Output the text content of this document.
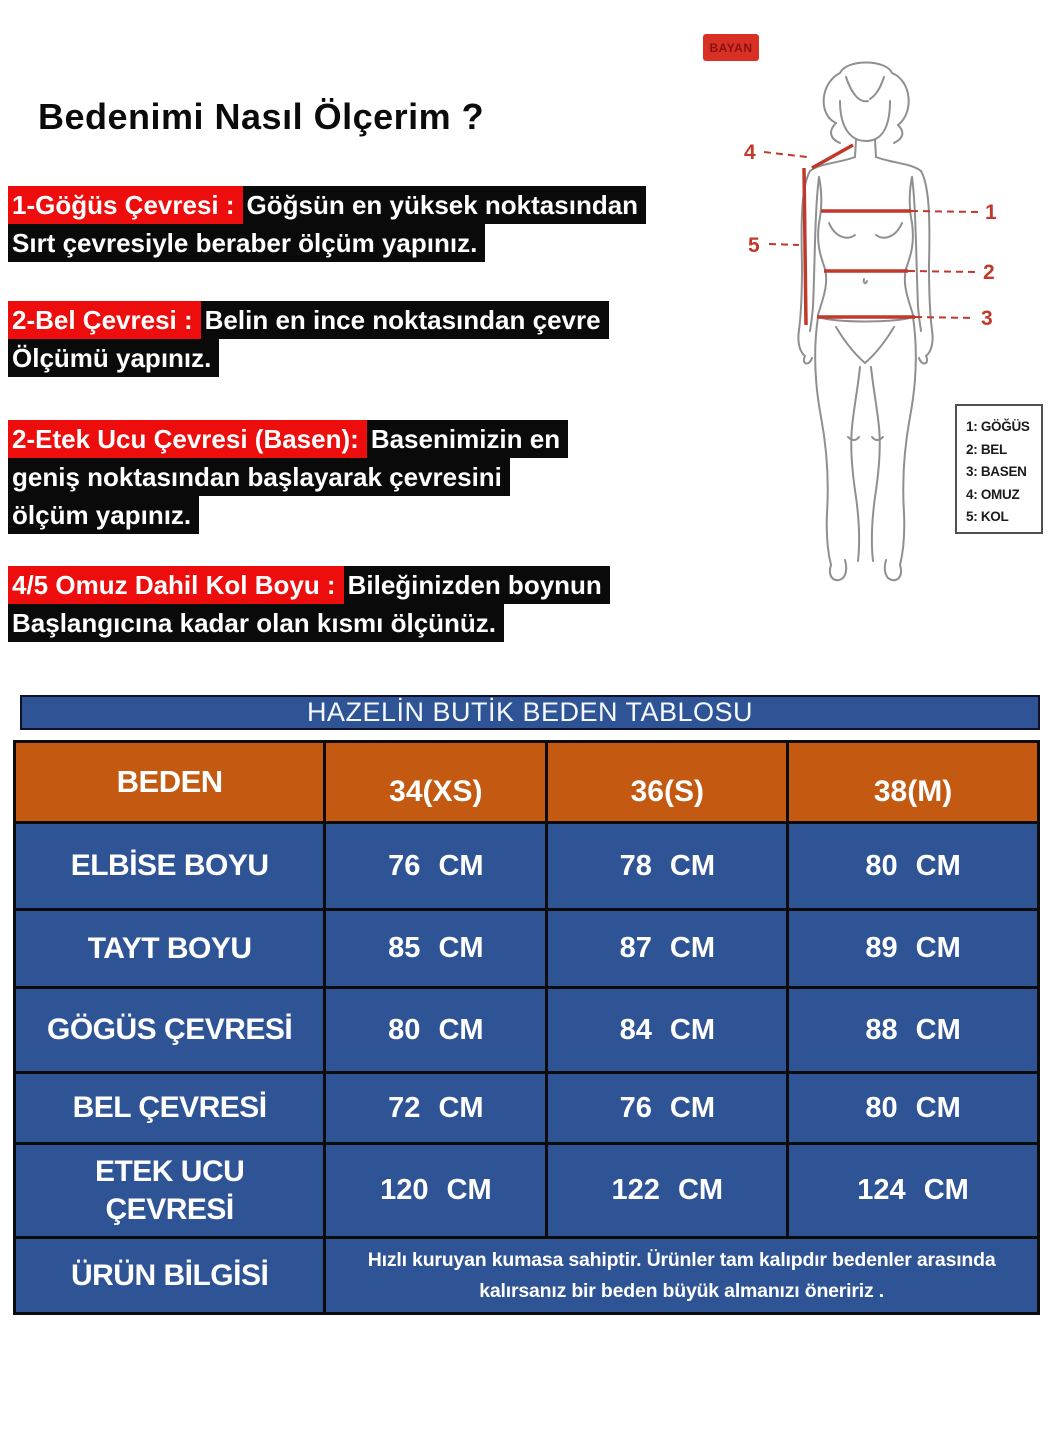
Bedenimi Nasıl Ölçerim ?
1-Göğüs Çevresi : Göğsün en yüksek noktasından
Sırt çevresiyle beraber ölçüm yapınız.
2-Bel Çevresi : Belin en ince noktasından çevre
Ölçümü yapınız.
2-Etek Ucu Çevresi (Basen): Basenimizin en
geniş noktasından başlayarak çevresini
ölçüm yapınız.
4/5 Omuz Dahil Kol Boyu : Bileğinizden boynun
Başlangıcına kadar olan kısmı ölçünüz.
1
2
3
4
5
BAYAN
1: GÖĞÜS
2: BEL
3: BASEN
4: OMUZ
5: KOL
HAZELİN BUTİK BEDEN TABLOSU
BEDEN	34(XS)	36(S)	38(M)
ELBİSE BOYU	76 CM	78 CM	80 CM
TAYT BOYU	85 CM	87 CM	89 CM
GÖGÜS ÇEVRESİ	80 CM	84 CM	88 CM
BEL ÇEVRESİ	72 CM	76 CM	80 CM
ETEK UCU ÇEVRESİ	120 CM	122 CM	124 CM
ÜRÜN BİLGİSİ	Hızlı kuruyan kumasa sahiptir. Ürünler tam kalıpdır bedenler arasında kalırsanız bir beden büyük almanızı öneririz .		
